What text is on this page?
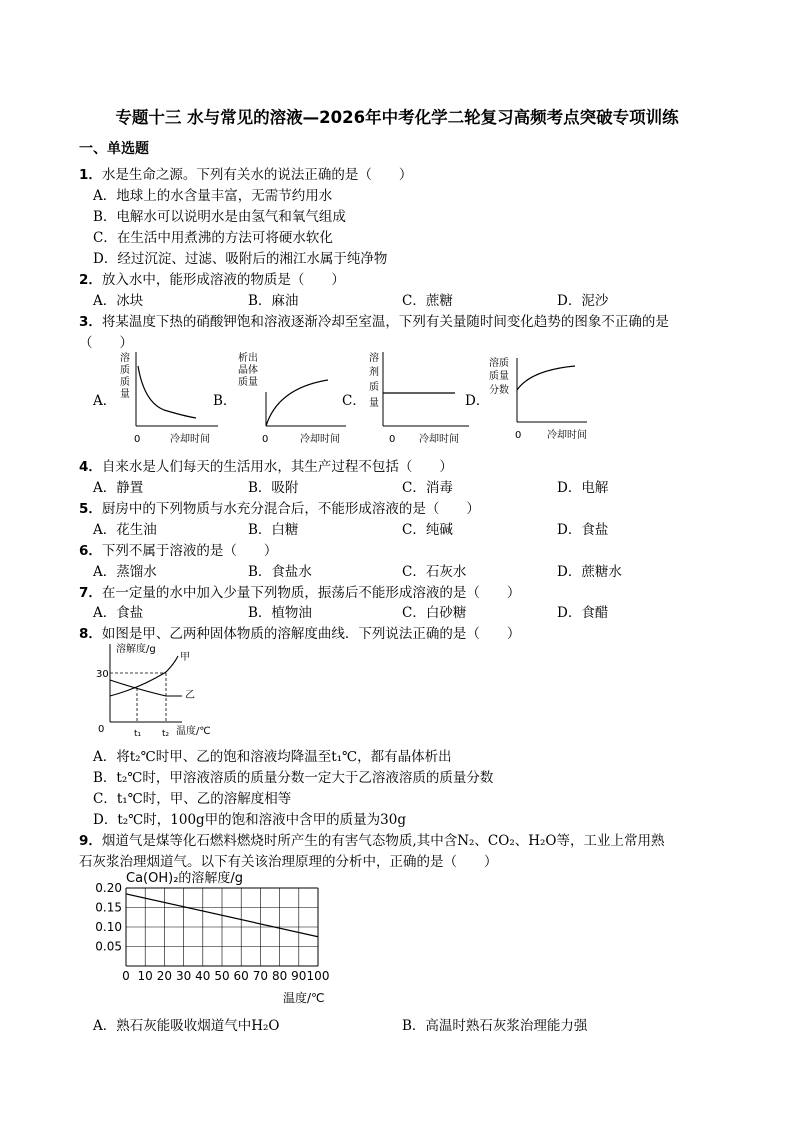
专题十三 水与常见的溶液—2026年中考化学二轮复习高频考点突破专项训练
一、单选题
1．水是生命之源。下列有关水的说法正确的是（　　）
A．地球上的水含量丰富，无需节约用水
B．电解水可以说明水是由氢气和氧气组成
C．在生活中用煮沸的方法可将硬水软化
D．经过沉淀、过滤、吸附后的湘江水属于纯净物
2．放入水中，能形成溶液的物质是（　　）
A．冰块	B．麻油	C．蔗糖	D．泥沙
3．将某温度下热的硝酸钾饱和溶液逐渐冷却至室温，下列有关量随时间变化趋势的图象不正确的是
（　　）
A．	B．	C．	D．
溶
质
质
量
0	冷却时间
析出
晶体
质量
0	冷却时间
溶
剂
质
量
0 冷却时间
溶质
质量
分数
0	冷却时间
4．自来水是人们每天的生活用水，其生产过程不包括（　　）
A．静置	B．吸附	C．消毒	D．电解
5．厨房中的下列物质与水充分混合后，不能形成溶液的是（　　）
A．花生油	B．白糖	C．纯碱	D．食盐
6．下列不属于溶液的是（　　）
A．蒸馏水	B．食盐水	C．石灰水	D．蔗糖水
7．在一定量的水中加入少量下列物质，振荡后不能形成溶液的是（　　）
A．食盐	B．植物油	C．白砂糖	D．食醋
8．如图是甲、乙两种固体物质的溶解度曲线．下列说法正确的是（　　）
溶解度/g
30
0	t₁ t₂ 温度/℃
甲
乙
A．将t₂℃时甲、乙的饱和溶液均降温至t₁℃，都有晶体析出
B．t₂℃时，甲溶液溶质的质量分数一定大于乙溶液溶质的质量分数
C．t₁℃时，甲、乙的溶解度相等
D．t₂℃时，100g甲的饱和溶液中含甲的质量为30g
9．烟道气是煤等化石燃料燃烧时所产生的有害气态物质,其中含N₂、CO₂、H₂O等，工业上常用熟
石灰浆治理烟道气。以下有关该治理原理的分析中，正确的是（　　）
Ca(OH)₂的溶解度/g
温度/℃
0.20
0.15
0.10
0.05
0 10 20 30 40 50 60 70 80 90 100
A．熟石灰能吸收烟道气中H₂O	B．高温时熟石灰浆治理能力强
